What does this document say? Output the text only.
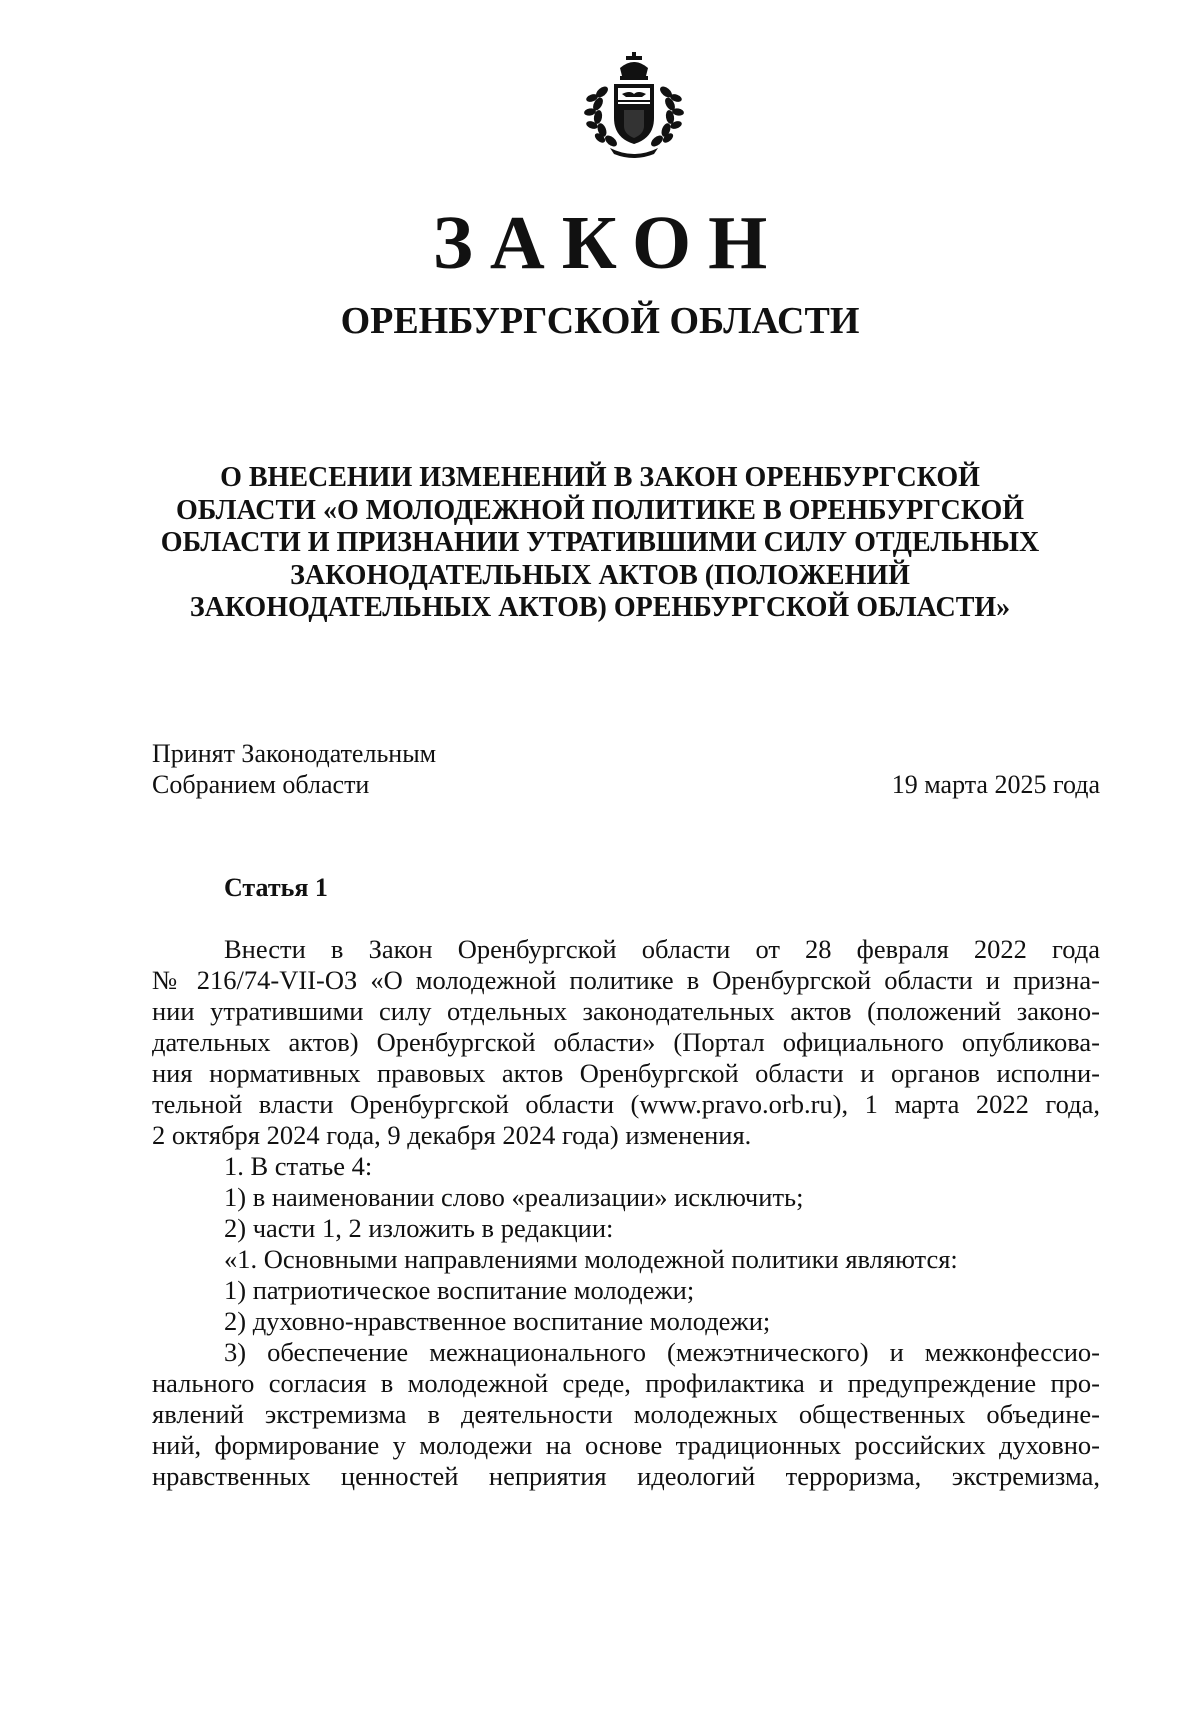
ЗАКОН
ОРЕНБУРГСКОЙ ОБЛАСТИ
О ВНЕСЕНИИ ИЗМЕНЕНИЙ В ЗАКОН ОРЕНБУРГСКОЙ
ОБЛАСТИ «О МОЛОДЕЖНОЙ ПОЛИТИКЕ В ОРЕНБУРГСКОЙ
ОБЛАСТИ И ПРИЗНАНИИ УТРАТИВШИМИ СИЛУ ОТДЕЛЬНЫХ
ЗАКОНОДАТЕЛЬНЫХ АКТОВ (ПОЛОЖЕНИЙ
ЗАКОНОДАТЕЛЬНЫХ АКТОВ) ОРЕНБУРГСКОЙ ОБЛАСТИ»
Принят Законодательным
Собранием области	19 марта 2025 года
Статья 1
Внести в Закон Оренбургской области от 28 февраля 2022 года
№ 216/74-VII-ОЗ «О молодежной политике в Оренбургской области и призна-
нии утратившими силу отдельных законодательных актов (положений законо-
дательных актов) Оренбургской области» (Портал официального опубликова-
ния нормативных правовых актов Оренбургской области и органов исполни-
тельной власти Оренбургской области (www.pravo.orb.ru), 1 марта 2022 года,
2 октября 2024 года, 9 декабря 2024 года) изменения.
1. В статье 4:
1) в наименовании слово «реализации» исключить;
2) части 1, 2 изложить в редакции:
«1. Основными направлениями молодежной политики являются:
1) патриотическое воспитание молодежи;
2) духовно-нравственное воспитание молодежи;
3) обеспечение межнационального (межэтнического) и межконфессио-
нального согласия в молодежной среде, профилактика и предупреждение про-
явлений экстремизма в деятельности молодежных общественных объедине-
ний, формирование у молодежи на основе традиционных российских духовно-
нравственных ценностей неприятия идеологий терроризма, экстремизма,
